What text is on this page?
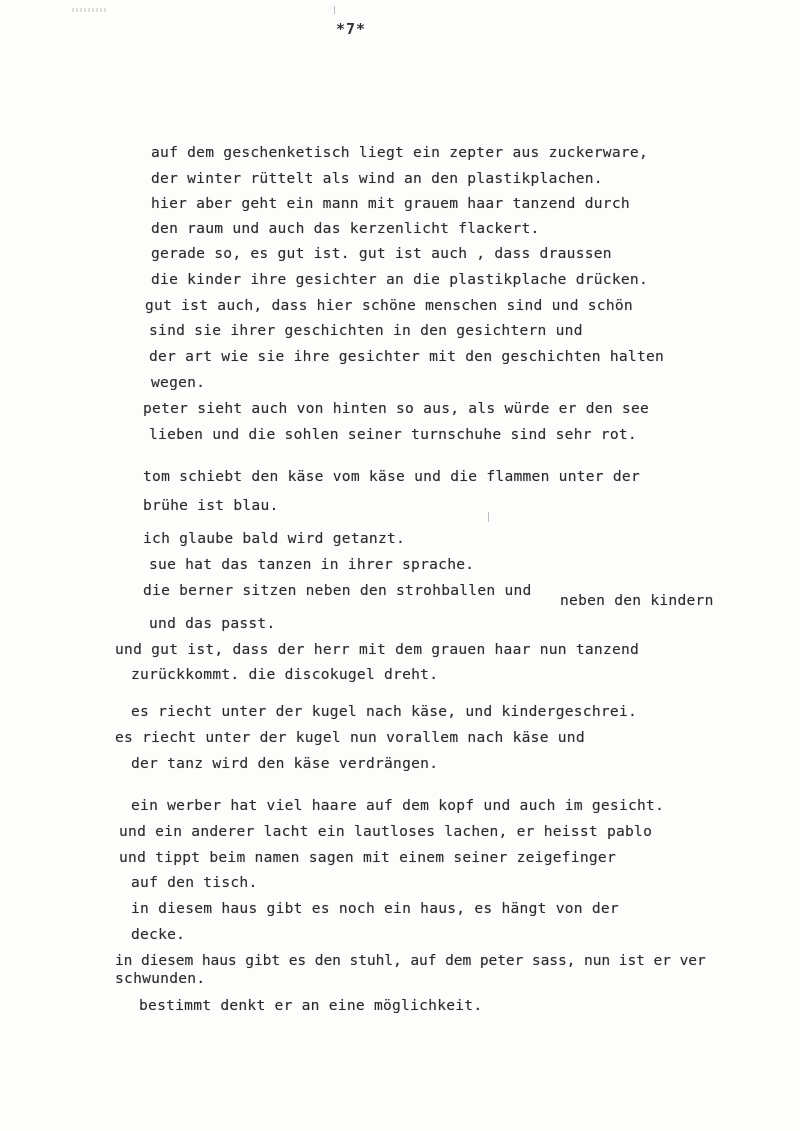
*7*
auf dem geschenketisch liegt ein zepter aus zuckerware,
der winter rüttelt als wind an den plastikplachen.
hier aber geht ein mann mit grauem haar tanzend durch
den raum und auch das kerzenlicht flackert.
gerade so, es gut ist. gut ist auch , dass draussen
die kinder ihre gesichter an die plastikplache drücken.
gut ist auch, dass hier schöne menschen sind und schön
sind sie ihrer geschichten in den gesichtern und
der art wie sie ihre gesichter mit den geschichten halten
wegen.
peter sieht auch von hinten so aus, als würde er den see
lieben und die sohlen seiner turnschuhe sind sehr rot.
tom schiebt den käse vom käse und die flammen unter der
brühe ist blau.
ich glaube bald wird getanzt.
sue hat das tanzen in ihrer sprache.
die berner sitzen neben den strohballen und
neben den kindern
und das passt.
und gut ist, dass der herr mit dem grauen haar nun tanzend
zurückkommt. die discokugel dreht.
es riecht unter der kugel nach käse, und kindergeschrei.
es riecht unter der kugel nun vorallem nach käse und
der tanz wird den käse verdrängen.
ein werber hat viel haare auf dem kopf und auch im gesicht.
und ein anderer lacht ein lautloses lachen, er heisst pablo
und tippt beim namen sagen mit einem seiner zeigefinger
auf den tisch.
in diesem haus gibt es noch ein haus, es hängt von der
decke.
in diesem haus gibt es den stuhl, auf dem peter sass, nun ist er ver
schwunden.
bestimmt denkt er an eine möglichkeit.
